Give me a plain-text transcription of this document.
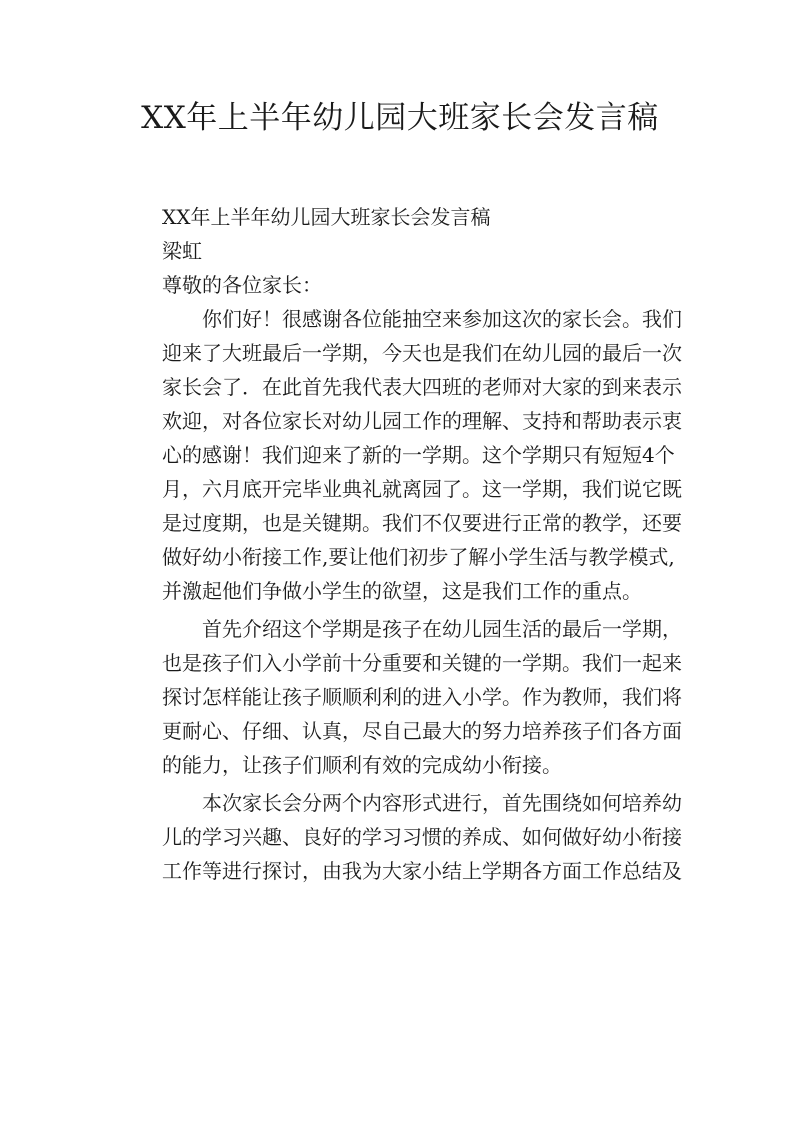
XX年上半年幼儿园大班家长会发言稿
XX年上半年幼儿园大班家长会发言稿
梁虹
尊敬的各位家长：
你们好！很感谢各位能抽空来参加这次的家长会。我们
迎来了大班最后一学期，今天也是我们在幼儿园的最后一次
家长会了．在此首先我代表大四班的老师对大家的到来表示
欢迎，对各位家长对幼儿园工作的理解、支持和帮助表示衷
心的感谢！我们迎来了新的一学期。这个学期只有短短4个
月，六月底开完毕业典礼就离园了。这一学期，我们说它既
是过度期，也是关键期。我们不仅要进行正常的教学，还要
做好幼小衔接工作,要让他们初步了解小学生活与教学模式,
并激起他们争做小学生的欲望，这是我们工作的重点。
首先介绍这个学期是孩子在幼儿园生活的最后一学期，
也是孩子们入小学前十分重要和关键的一学期。我们一起来
探讨怎样能让孩子顺顺利利的进入小学。作为教师，我们将
更耐心、仔细、认真，尽自己最大的努力培养孩子们各方面
的能力，让孩子们顺利有效的完成幼小衔接。
本次家长会分两个内容形式进行，首先围绕如何培养幼
儿的学习兴趣、良好的学习习惯的养成、如何做好幼小衔接
工作等进行探讨，由我为大家小结上学期各方面工作总结及
